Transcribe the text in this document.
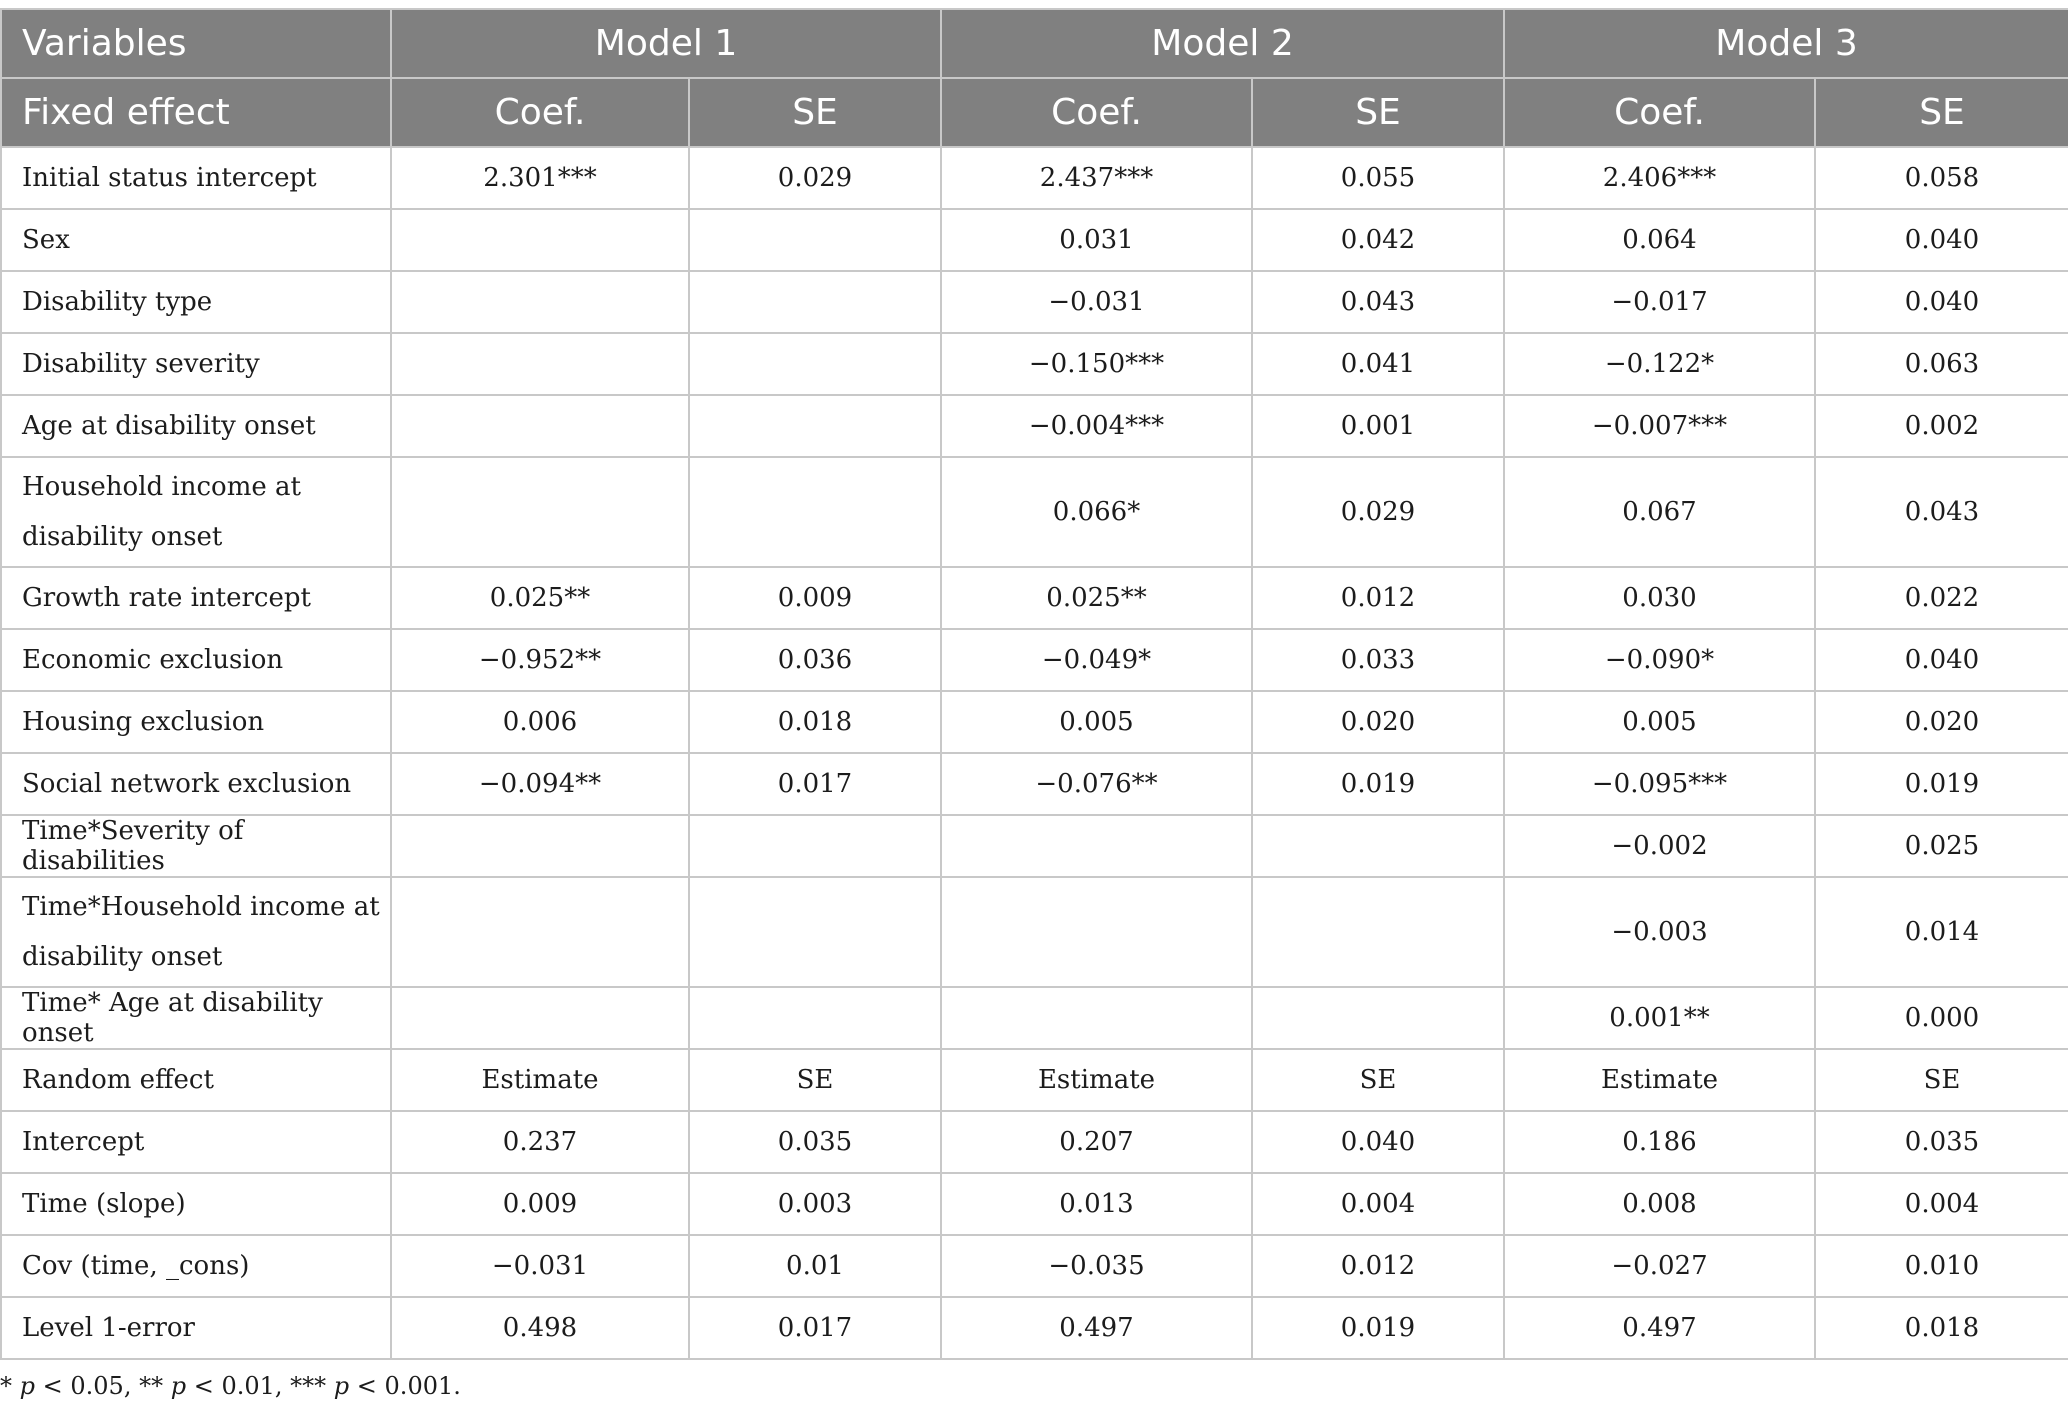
Variables	Model 1		Model 2		Model 3	
Fixed effect	Coef.	SE	Coef.	SE	Coef.	SE
Initial status intercept	2.301***	0.029	2.437***	0.055	2.406***	0.058
Sex			0.031	0.042	0.064	0.040
Disability type			−0.031	0.043	−0.017	0.040
Disability severity			−0.150***	0.041	−0.122*	0.063
Age at disability onset			−0.004***	0.001	−0.007***	0.002
Household income at disability onset			0.066*	0.029	0.067	0.043
Growth rate intercept	0.025**	0.009	0.025**	0.012	0.030	0.022
Economic exclusion	−0.952**	0.036	−0.049*	0.033	−0.090*	0.040
Housing exclusion	0.006	0.018	0.005	0.020	0.005	0.020
Social network exclusion	−0.094**	0.017	−0.076**	0.019	−0.095***	0.019
Time*Severity of disabilities					−0.002	0.025
Time*Household income at disability onset					−0.003	0.014
Time* Age at disability onset					0.001**	0.000
Random effect	Estimate	SE	Estimate	SE	Estimate	SE
Intercept	0.237	0.035	0.207	0.040	0.186	0.035
Time (slope)	0.009	0.003	0.013	0.004	0.008	0.004
Cov (time, _cons)	−0.031	0.01	−0.035	0.012	−0.027	0.010
Level 1-error	0.498	0.017	0.497	0.019	0.497	0.018
* p < 0.05, ** p < 0.01, *** p < 0.001.
